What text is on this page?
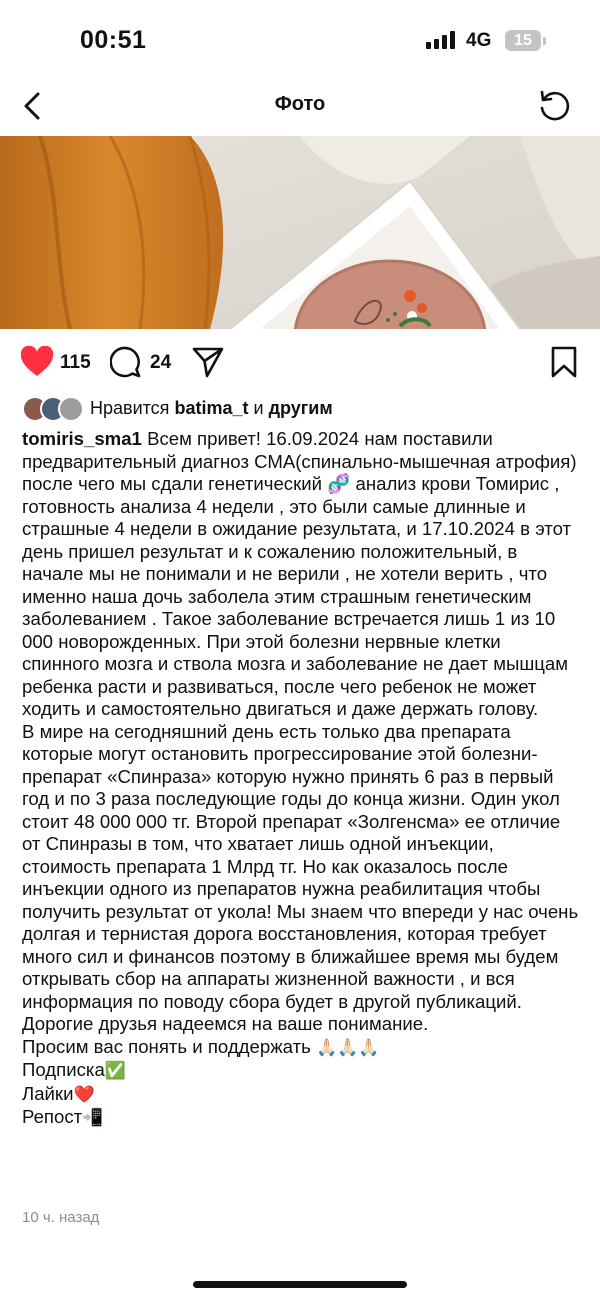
00:51	4G	15
Фото
115	24
Нравится batima_t и другим

tomiris_sma1 Всем привет! 16.09.2024 нам поставили предварительный диагноз СМА(спинально-мышечная атрофия) после чего мы сдали генетический 🧬 анализ крови Томирис , готовность анализа 4 недели , это были самые длинные и страшные 4 недели в ожидание результата, и 17.10.2024 в этот день пришел результат и к сожалению положительный, в начале мы не понимали и не верили , не хотели верить , что именно наша дочь заболела этим страшным генетическим заболеванием . Такое заболевание встречается лишь 1 из 10 000 новорожденных. При этой болезни нервные клетки спинного мозга и ствола мозга и заболевание не дает мышцам ребенка расти и развиваться, после чего ребенок не может ходить и самостоятельно двигаться и даже держать голову.

В мире на сегодняшний день есть только два препарата которые могут остановить прогрессирование этой болезни- препарат «Спинраза» которую нужно принять 6 раз в первый год и по 3 раза последующие годы до конца жизни. Один укол стоит 48 000 000 тг. Второй препарат «Золгенсма» ее отличие от Спинразы в том, что хватает лишь одной инъекции, стоимость препарата 1 Млрд тг. Но как оказалось после инъекции одного из препаратов нужна реабилитация чтобы получить результат от укола! Мы знаем что впереди у нас очень долгая и тернистая дорога восстановления, которая требует много сил и финансов поэтому в ближайшее время мы будем открывать сбор на аппараты жизненной важности , и вся информация по поводу сбора будет в другой публикаций.

Дорогие друзья надеемся на ваше понимание.

Просим вас понять и поддержать 🙏🏻🙏🏻🙏🏻

Подписка✅

Лайки❤️

Репост📲

10 ч. назад
